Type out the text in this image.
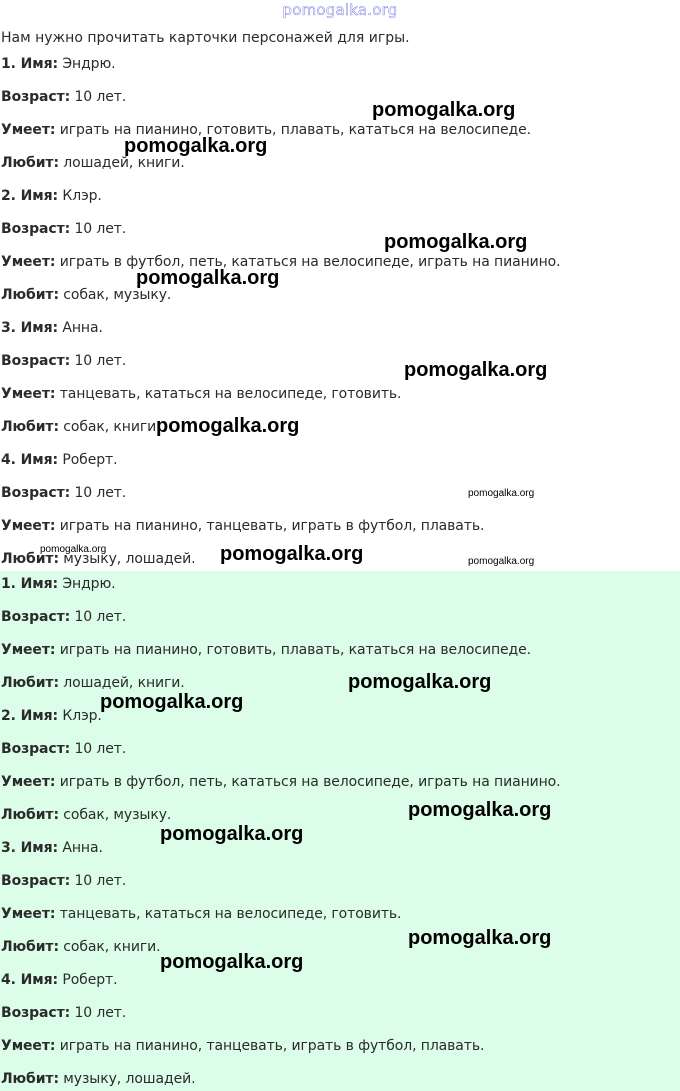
pomogalka.org
Нам нужно прочитать карточки персонажей для игры.
1. Имя: Эндрю.
Возраст: 10 лет.
Умеет: играть на пианино, готовить, плавать, кататься на велосипеде.
Любит: лошадей, книги.
2. Имя: Клэр.
Возраст: 10 лет.
Умеет: играть в футбол, петь, кататься на велосипеде, играть на пианино.
Любит: собак, музыку.
3. Имя: Анна.
Возраст: 10 лет.
Умеет: танцевать, кататься на велосипеде, готовить.
Любит: собак, книги.
4. Имя: Роберт.
Возраст: 10 лет.
Умеет: играть на пианино, танцевать, играть в футбол, плавать.
Любит: музыку, лошадей.
1. Имя: Эндрю.
Возраст: 10 лет.
Умеет: играть на пианино, готовить, плавать, кататься на велосипеде.
Любит: лошадей, книги.
2. Имя: Клэр.
Возраст: 10 лет.
Умеет: играть в футбол, петь, кататься на велосипеде, играть на пианино.
Любит: собак, музыку.
3. Имя: Анна.
Возраст: 10 лет.
Умеет: танцевать, кататься на велосипеде, готовить.
Любит: собак, книги.
4. Имя: Роберт.
Возраст: 10 лет.
Умеет: играть на пианино, танцевать, играть в футбол, плавать.
Любит: музыку, лошадей.
pomogalka.org
pomogalka.org
pomogalka.org
pomogalka.org
pomogalka.org
pomogalka.org
pomogalka.org
pomogalka.org	pomogalka.org	pomogalka.org
pomogalka.org
pomogalka.org
pomogalka.org
pomogalka.org
pomogalka.org
pomogalka.org
